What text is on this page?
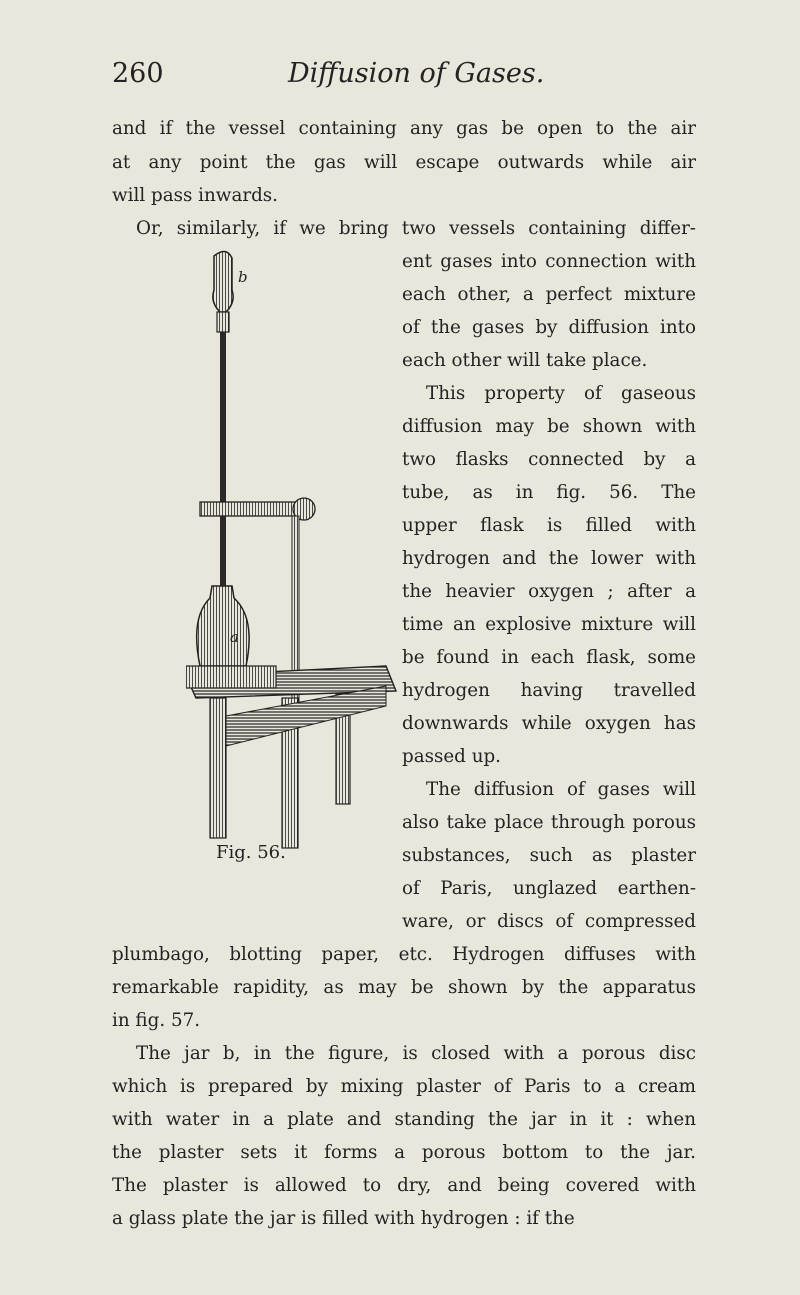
260	Diffusion of Gases.

and if the vessel containing any gas be open to the air

at any point the gas will escape outwards while air

will pass inwards.

Or, similarly, if we bring two vessels containing differ-

ent gases into connection with

each other, a perfect mixture

of the gases by diffusion into

each other will take place.

This property of gaseous

diffusion may be shown with

two flasks connected by a

tube, as in fig. 56. The

upper flask is filled with

hydrogen and the lower with

the heavier oxygen ; after a

time an explosive mixture will

be found in each flask, some

hydrogen having travelled

downwards while oxygen has

passed up.

The diffusion of gases will

also take place through porous

substances, such as plaster

of Paris, unglazed earthen-

ware, or discs of compressed

plumbago, blotting paper, etc. Hydrogen diffuses with

remarkable rapidity, as may be shown by the apparatus

in fig. 57.

The jar b, in the figure, is closed with a porous disc

which is prepared by mixing plaster of Paris to a cream

with water in a plate and standing the jar in it : when

the plaster sets it forms a porous bottom to the jar.

The plaster is allowed to dry, and being covered with

a glass plate the jar is filled with hydrogen : if the

b
a
Fig. 56.
